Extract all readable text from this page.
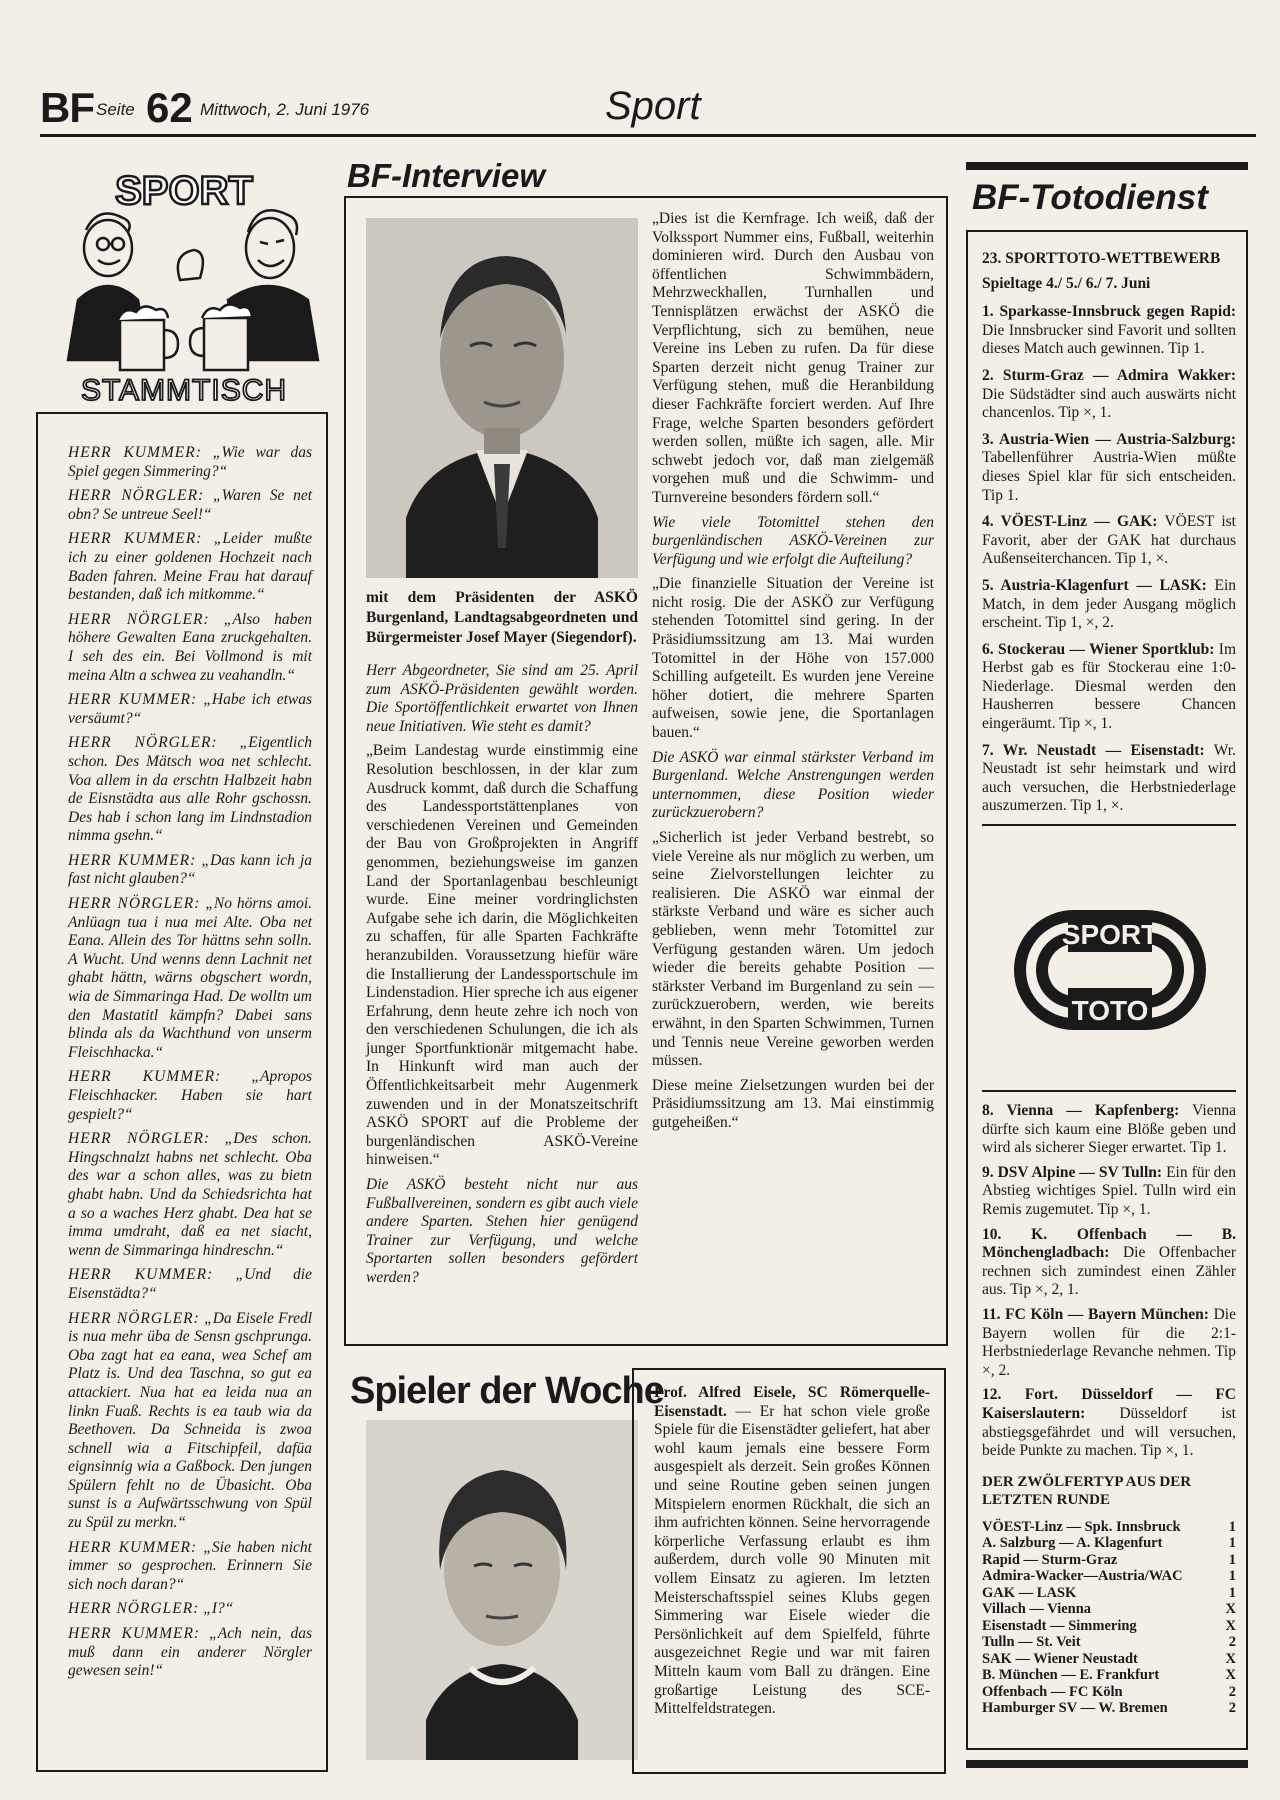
BF Seite 62 Mittwoch, 2. Juni 1976	Sport
SPORT
STAMMTISCH

HERR KUMMER: „Wie war das Spiel gegen Simmering?“

HERR NÖRGLER: „Waren Se net obn? Se untreue Seel!“

HERR KUMMER: „Leider mußte ich zu einer goldenen Hochzeit nach Baden fahren. Meine Frau hat darauf bestanden, daß ich mitkomme.“

HERR NÖRGLER: „Also haben höhere Gewalten Eana zruckgehalten. I seh des ein. Bei Vollmond is mit meina Altn a schwea zu veahandln.“

HERR KUMMER: „Habe ich etwas versäumt?“

HERR NÖRGLER: „Eigentlich schon. Des Mätsch woa net schlecht. Voa allem in da erschtn Halbzeit habn de Eisnstädta aus alle Rohr gschossn. Des hab i schon lang im Lindnstadion nimma gsehn.“

HERR KUMMER: „Das kann ich ja fast nicht glauben?“

HERR NÖRGLER: „No hörns amoi. Anlüagn tua i nua mei Alte. Oba net Eana. Allein des Tor hättns sehn solln. A Wucht. Und wenns denn Lachnit net ghabt hättn, wärns obgschert wordn, wia de Simmaringa Had. De wolltn um den Mastatitl kämpfn? Dabei sans blinda als da Wachthund von unserm Fleischhacka.“

HERR KUMMER: „Apropos Fleischhacker. Haben sie hart gespielt?“

HERR NÖRGLER: „Des schon. Hingschnalzt habns net schlecht. Oba des war a schon alles, was zu bietn ghabt habn. Und da Schiedsrichta hat a so a waches Herz ghabt. Dea hat se imma umdraht, daß ea net siacht, wenn de Simmaringa hindreschn.“

HERR KUMMER: „Und die Eisenstädta?“

HERR NÖRGLER: „Da Eisele Fredl is nua mehr üba de Sensn gschprunga. Oba zagt hat ea eana, wea Schef am Platz is. Und dea Taschna, so gut ea attackiert. Nua hat ea leida nua an linkn Fuaß. Rechts is ea taub wia da Beethoven. Da Schneida is zwoa schnell wia a Fitschipfeil, dafüa eignsinnig wia a Gaßbock. Den jungen Spülern fehlt no de Übasicht. Oba sunst is a Aufwärtsschwung von Spül zu Spül zu merkn.“

HERR KUMMER: „Sie haben nicht immer so gesprochen. Erinnern Sie sich noch daran?“

HERR NÖRGLER: „I?“

HERR KUMMER: „Ach nein, das muß dann ein anderer Nörgler gewesen sein!“

BF-Interview

mit dem Präsidenten der ASKÖ Burgenland, Landtagsabgeordneten und Bürgermeister Josef Mayer (Siegendorf).

Herr Abgeordneter, Sie sind am 25. April zum ASKÖ-Präsidenten gewählt worden. Die Sportöffentlichkeit erwartet von Ihnen neue Initiativen. Wie steht es damit?

„Beim Landestag wurde einstimmig eine Resolution beschlossen, in der klar zum Ausdruck kommt, daß durch die Schaffung des Landessportstättenplanes von verschiedenen Vereinen und Gemeinden der Bau von Großprojekten in Angriff genommen, beziehungsweise im ganzen Land der Sportanlagenbau beschleunigt wurde. Eine meiner vordringlichsten Aufgabe sehe ich darin, die Möglichkeiten zu schaffen, für alle Sparten Fachkräfte heranzubilden. Voraussetzung hiefür wäre die Installierung der Landessportschule im Lindenstadion. Hier spreche ich aus eigener Erfahrung, denn heute zehre ich noch von den verschiedenen Schulungen, die ich als junger Sportfunktionär mitgemacht habe. In Hinkunft wird man auch der Öffentlichkeitsarbeit mehr Augenmerk zuwenden und in der Monatszeitschrift ASKÖ SPORT auf die Probleme der burgenländischen ASKÖ-Vereine hinweisen.“

Die ASKÖ besteht nicht nur aus Fußballvereinen, sondern es gibt auch viele andere Sparten. Stehen hier genügend Trainer zur Verfügung, und welche Sportarten sollen besonders gefördert werden?

„Dies ist die Kernfrage. Ich weiß, daß der Volkssport Nummer eins, Fußball, weiterhin dominieren wird. Durch den Ausbau von öffentlichen Schwimmbädern, Mehrzweckhallen, Turnhallen und Tennisplätzen erwächst der ASKÖ die Verpflichtung, sich zu bemühen, neue Vereine ins Leben zu rufen. Da für diese Sparten derzeit nicht genug Trainer zur Verfügung stehen, muß die Heranbildung dieser Fachkräfte forciert werden. Auf Ihre Frage, welche Sparten besonders gefördert werden sollen, müßte ich sagen, alle. Mir schwebt jedoch vor, daß man zielgemäß vorgehen muß und die Schwimm- und Turnvereine besonders fördern soll.“

Wie viele Totomittel stehen den burgenländischen ASKÖ-Vereinen zur Verfügung und wie erfolgt die Aufteilung?

„Die finanzielle Situation der Vereine ist nicht rosig. Die der ASKÖ zur Verfügung stehenden Totomittel sind gering. In der Präsidiumssitzung am 13. Mai wurden Totomittel in der Höhe von 157.000 Schilling aufgeteilt. Es wurden jene Vereine höher dotiert, die mehrere Sparten aufweisen, sowie jene, die Sportanlagen bauen.“

Die ASKÖ war einmal stärkster Verband im Burgenland. Welche Anstrengungen werden unternommen, diese Position wieder zurückzuerobern?

„Sicherlich ist jeder Verband bestrebt, so viele Vereine als nur möglich zu werben, um seine Zielvorstellungen leichter zu realisieren. Die ASKÖ war einmal der stärkste Verband und wäre es sicher auch geblieben, wenn mehr Totomittel zur Verfügung gestanden wären. Um jedoch wieder die bereits gehabte Position — stärkster Verband im Burgenland zu sein — zurückzuerobern, werden, wie bereits erwähnt, in den Sparten Schwimmen, Turnen und Tennis neue Vereine geworben werden müssen.

Diese meine Zielsetzungen wurden bei der Präsidiumssitzung am 13. Mai einstimmig gutgeheißen.“

Spieler der Woche

Prof. Alfred Eisele, SC Römerquelle-Eisenstadt. — Er hat schon viele große Spiele für die Eisenstädter geliefert, hat aber wohl kaum jemals eine bessere Form ausgespielt als derzeit. Sein großes Können und seine Routine geben seinen jungen Mitspielern enormen Rückhalt, die sich an ihm aufrichten können. Seine hervorragende körperliche Verfassung erlaubt es ihm außerdem, durch volle 90 Minuten mit vollem Einsatz zu agieren. Im letzten Meisterschaftsspiel seines Klubs gegen Simmering war Eisele wieder die Persönlichkeit auf dem Spielfeld, führte ausgezeichnet Regie und war mit fairen Mitteln kaum vom Ball zu drängen. Eine großartige Leistung des SCE-Mittelfeldstrategen.

BF-Totodienst
23. SPORTTOTO-WETTBEWERB
Spieltage 4./ 5./ 6./ 7. Juni

1. Sparkasse-Innsbruck gegen Rapid: Die Innsbrucker sind Favorit und sollten dieses Match auch gewinnen. Tip 1.

2. Sturm-Graz — Admira Wakker: Die Südstädter sind auch auswärts nicht chancenlos. Tip ×, 1.

3. Austria-Wien — Austria-Salzburg: Tabellenführer Austria-Wien müßte dieses Spiel klar für sich entscheiden. Tip 1.

4. VÖEST-Linz — GAK: VÖEST ist Favorit, aber der GAK hat durchaus Außenseiterchancen. Tip 1, ×.

5. Austria-Klagenfurt — LASK: Ein Match, in dem jeder Ausgang möglich erscheint. Tip 1, ×, 2.

6. Stockerau — Wiener Sportklub: Im Herbst gab es für Stockerau eine 1:0-Niederlage. Diesmal werden den Hausherren bessere Chancen eingeräumt. Tip ×, 1.

7. Wr. Neustadt — Eisenstadt: Wr. Neustadt ist sehr heimstark und wird auch versuchen, die Herbstniederlage auszumerzen. Tip 1, ×.

SPORT
TOTO

8. Vienna — Kapfenberg: Vienna dürfte sich kaum eine Blöße geben und wird als sicherer Sieger erwartet. Tip 1.

9. DSV Alpine — SV Tulln: Ein für den Abstieg wichtiges Spiel. Tulln wird ein Remis zugemutet. Tip ×, 1.

10. K. Offenbach — B. Mönchengladbach: Die Offenbacher rechnen sich zumindest einen Zähler aus. Tip ×, 2, 1.

11. FC Köln — Bayern München: Die Bayern wollen für die 2:1-Herbstniederlage Revanche nehmen. Tip ×, 2.

12. Fort. Düsseldorf — FC Kaiserslautern: Düsseldorf ist abstiegsgefährdet und will versuchen, beide Punkte zu machen. Tip ×, 1.

DER ZWÖLFERTYP AUS DER LETZTEN RUNDE
VÖEST-Linz — Spk. Innsbruck	1
A. Salzburg — A. Klagenfurt	1
Rapid — Sturm-Graz	1
Admira-Wacker—Austria/WAC	1
GAK — LASK	1
Villach — Vienna	X
Eisenstadt — Simmering	X
Tulln — St. Veit	2
SAK — Wiener Neustadt	X
B. München — E. Frankfurt	X
Offenbach — FC Köln	2
Hamburger SV — W. Bremen	2
